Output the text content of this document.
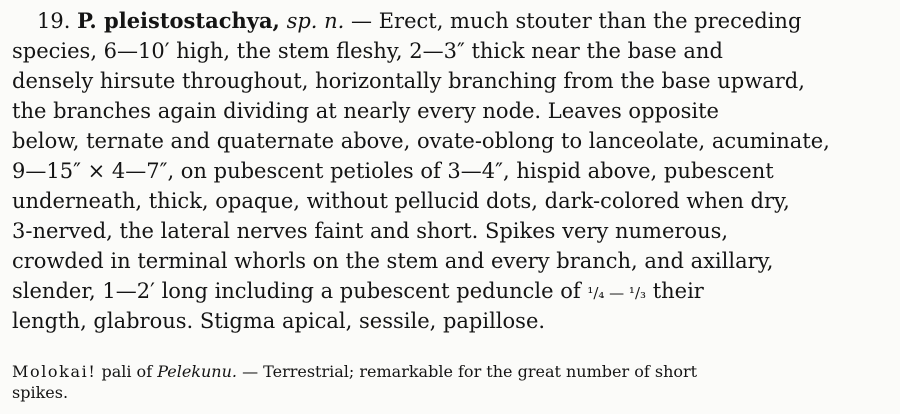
19. P. pleistostachya, sp. n. — Erect, much stouter than the preceding
species, 6—10′ high, the stem fleshy, 2—3″ thick near the base and
densely hirsute throughout, horizontally branching from the base upward,
the branches again dividing at nearly every node. Leaves opposite
below, ternate and quaternate above, ovate-oblong to lanceolate, acuminate,
9—15″ × 4—7″, on pubescent petioles of 3—4″, hispid above, pubescent
underneath, thick, opaque, without pellucid dots, dark-colored when dry,
3-nerved, the lateral nerves faint and short. Spikes very numerous,
crowded in terminal whorls on the stem and every branch, and axillary,
slender, 1—2′ long including a pubescent peduncle of ¹/₄ — ¹/₃ their
length, glabrous. Stigma apical, sessile, papillose.
Molokai! pali of Pelekunu. — Terrestrial; remarkable for the great number of short
spikes.
